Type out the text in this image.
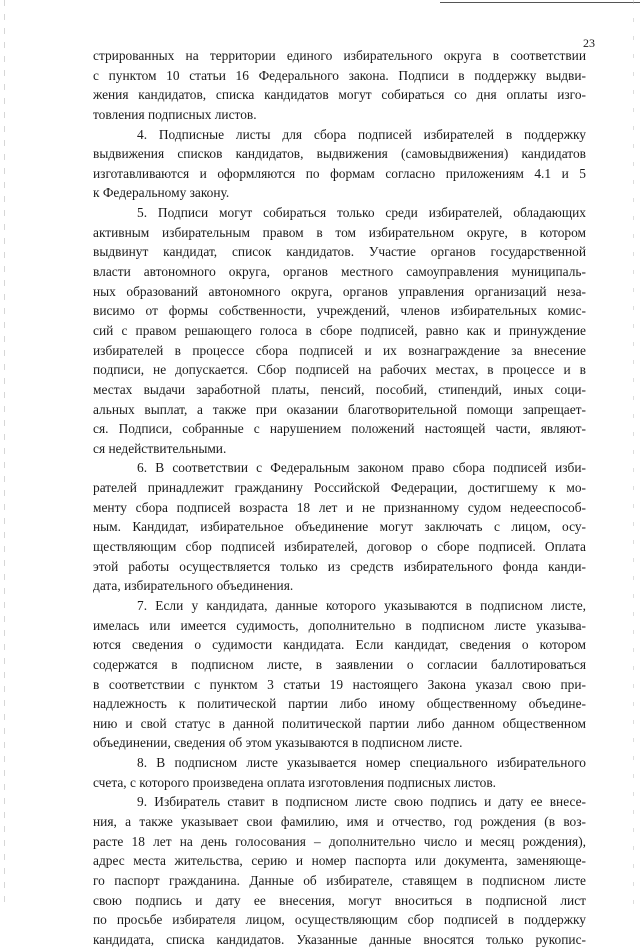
23
стрированных на территории единого избирательного округа в соответствии
с пунктом 10 статьи 16 Федерального закона. Подписи в поддержку выдви-
жения кандидатов, списка кандидатов могут собираться со дня оплаты изго-
товления подписных листов.
4. Подписные листы для сбора подписей избирателей в поддержку
выдвижения списков кандидатов, выдвижения (самовыдвижения) кандидатов
изготавливаются и оформляются по формам согласно приложениям 4.1 и 5
к Федеральному закону.
5. Подписи могут собираться только среди избирателей, обладающих
активным избирательным правом в том избирательном округе, в котором
выдвинут кандидат, список кандидатов. Участие органов государственной
власти автономного округа, органов местного самоуправления муниципаль-
ных образований автономного округа, органов управления организаций неза-
висимо от формы собственности, учреждений, членов избирательных комис-
сий с правом решающего голоса в сборе подписей, равно как и принуждение
избирателей в процессе сбора подписей и их вознаграждение за внесение
подписи, не допускается. Сбор подписей на рабочих местах, в процессе и в
местах выдачи заработной платы, пенсий, пособий, стипендий, иных соци-
альных выплат, а также при оказании благотворительной помощи запрещает-
ся. Подписи, собранные с нарушением положений настоящей части, являют-
ся недействительными.
6. В соответствии с Федеральным законом право сбора подписей изби-
рателей принадлежит гражданину Российской Федерации, достигшему к мо-
менту сбора подписей возраста 18 лет и не признанному судом недееспособ-
ным. Кандидат, избирательное объединение могут заключать с лицом, осу-
ществляющим сбор подписей избирателей, договор о сборе подписей. Оплата
этой работы осуществляется только из средств избирательного фонда канди-
дата, избирательного объединения.
7. Если у кандидата, данные которого указываются в подписном листе,
имелась или имеется судимость, дополнительно в подписном листе указыва-
ются сведения о судимости кандидата. Если кандидат, сведения о котором
содержатся в подписном листе, в заявлении о согласии баллотироваться
в соответствии с пунктом 3 статьи 19 настоящего Закона указал свою при-
надлежность к политической партии либо иному общественному объедине-
нию и свой статус в данной политической партии либо данном общественном
объединении, сведения об этом указываются в подписном листе.
8. В подписном листе указывается номер специального избирательного
счета, с которого произведена оплата изготовления подписных листов.
9. Избиратель ставит в подписном листе свою подпись и дату ее внесе-
ния, а также указывает свои фамилию, имя и отчество, год рождения (в воз-
расте 18 лет на день голосования – дополнительно число и месяц рождения),
адрес места жительства, серию и номер паспорта или документа, заменяюще-
го паспорт гражданина. Данные об избирателе, ставящем в подписном листе
свою подпись и дату ее внесения, могут вноситься в подписной лист
по просьбе избирателя лицом, осуществляющим сбор подписей в поддержку
кандидата, списка кандидатов. Указанные данные вносятся только рукопис-
